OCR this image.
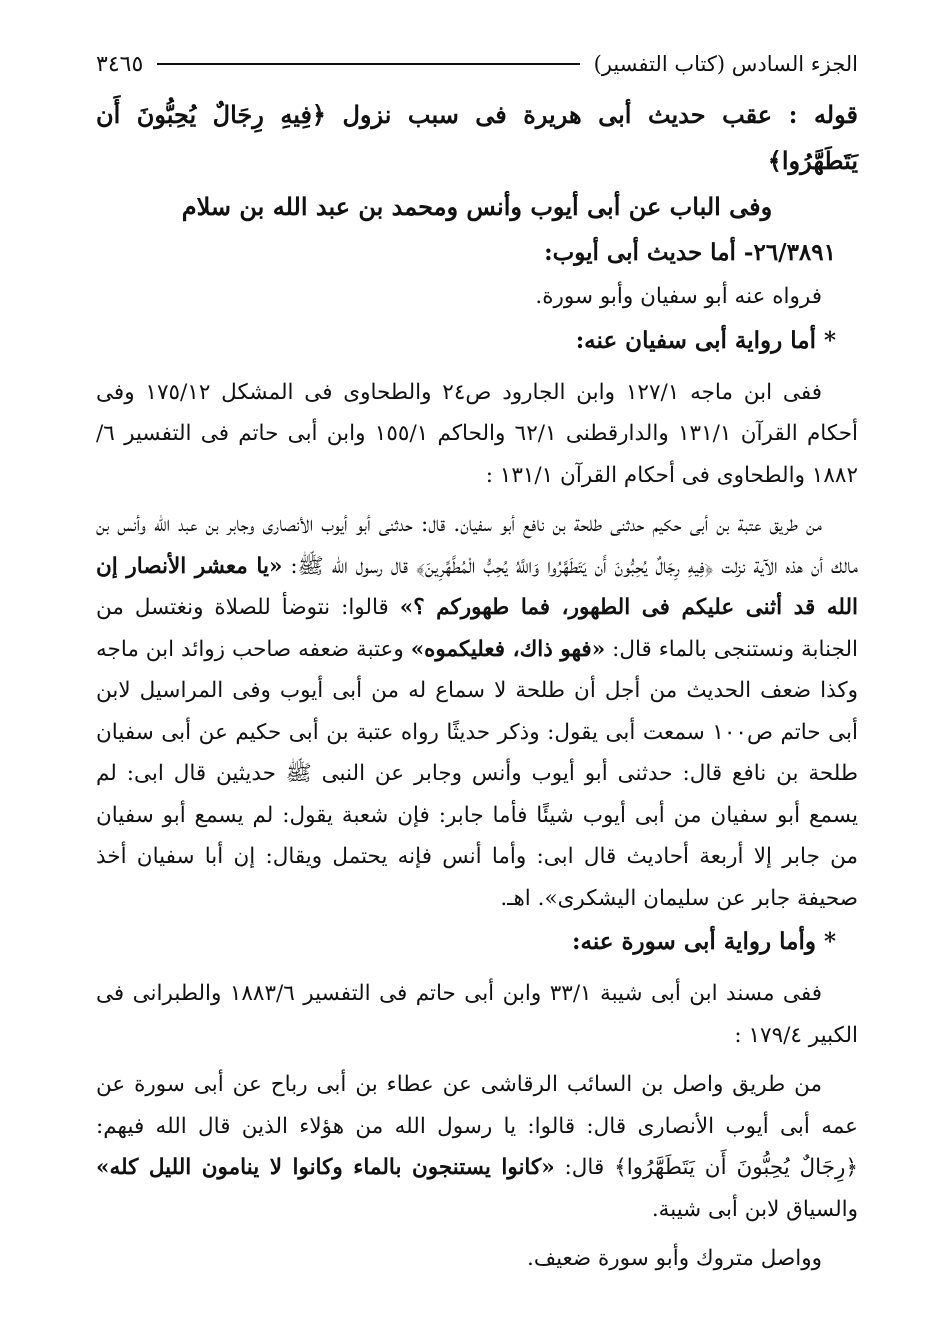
الجزء السادس (كتاب التفسير)
٣٤٦٥
قوله : عقب حديث أبى هريرة فى سبب نزول ﴿فِيهِ رِجَالٌ يُحِبُّونَ أَن يَتَطَهَّرُوا﴾
وفى الباب عن أبى أيوب وأنس ومحمد بن عبد الله بن سلام
٢٦/٣٨٩١- أما حديث أبى أيوب:

فرواه عنه أبو سفيان وأبو سورة.

* أما رواية أبى سفيان عنه:

ففى ابن ماجه ١٢٧/١ وابن الجارود ص٢٤ والطحاوى فى المشكل ١٧٥/١٢ وفى أحكام القرآن ١٣١/١ والدارقطنى ٦٢/١ والحاكم ١٥٥/١ وابن أبى حاتم فى التفسير ٦/ ١٨٨٢ والطحاوى فى أحكام القرآن ١٣١/١ :

من طريق عتبة بن أبى حكيم حدثنى طلحة بن نافع أبو سفيان. قال: حدثنى أبو أيوب الأنصارى وجابر بن عبد الله وأنس بن مالك أن هذه الآية نزلت ﴿فِيهِ رِجَالٌ يُحِبُّونَ أَن يَتَطَهَّرُوا وَاللَّهُ يُحِبُّ الْمُطَّهِّرِينَ﴾ قال رسول الله ﷺ: «يا معشر الأنصار إن الله قد أثنى عليكم فى الطهور، فما طهوركم ؟» قالوا: نتوضأ للصلاة ونغتسل من الجنابة ونستنجى بالماء قال: «فهو ذاك، فعليكموه» وعتبة ضعفه صاحب زوائد ابن ماجه وكذا ضعف الحديث من أجل أن طلحة لا سماع له من أبى أيوب وفى المراسيل لابن أبى حاتم ص١٠٠ سمعت أبى يقول: وذكر حديثًا رواه عتبة بن أبى حكيم عن أبى سفيان طلحة بن نافع قال: حدثنى أبو أيوب وأنس وجابر عن النبى ﷺ حديثين قال ابى: لم يسمع أبو سفيان من أبى أيوب شيئًا فأما جابر: فإن شعبة يقول: لم يسمع أبو سفيان من جابر إلا أربعة أحاديث قال ابى: وأما أنس فإنه يحتمل ويقال: إن أبا سفيان أخذ صحيفة جابر عن سليمان اليشكرى». اهـ.

* وأما رواية أبى سورة عنه:

ففى مسند ابن أبى شيبة ٣٣/١ وابن أبى حاتم فى التفسير ١٨٨٣/٦ والطبرانى فى الكبير ١٧٩/٤ :

من طريق واصل بن السائب الرقاشى عن عطاء بن أبى رباح عن أبى سورة عن عمه أبى أيوب الأنصارى قال: قالوا: يا رسول الله من هؤلاء الذين قال الله فيهم: ﴿رِجَالٌ يُحِبُّونَ أَن يَتَطَهَّرُوا﴾ قال: «كانوا يستنجون بالماء وكانوا لا ينامون الليل كله» والسياق لابن أبى شيبة.

وواصل متروك وأبو سورة ضعيف.
